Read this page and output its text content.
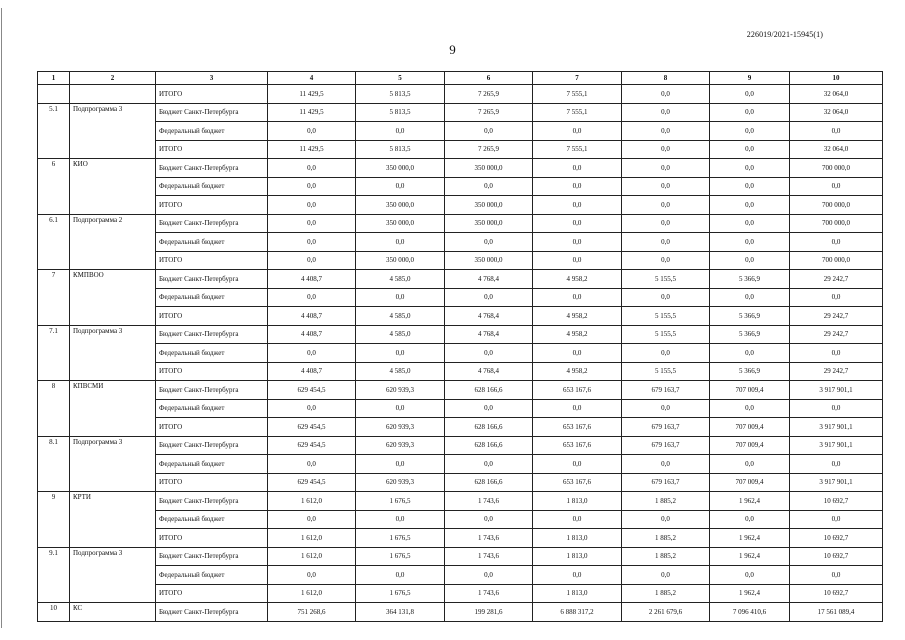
226019/2021-15945(1)
9
1	2	3	4	5	6	7	8	9	10
		ИТОГО	11 429,5	5 813,5	7 265,9	7 555,1	0,0	0,0	32 064,0
5.1	Подпрограмма 3	Бюджет Санкт-Петербурга	11 429,5	5 813,5	7 265,9	7 555,1	0,0	0,0	32 064,0
		Федеральный бюджет	0,0	0,0	0,0	0,0	0,0	0,0	0,0
		ИТОГО	11 429,5	5 813,5	7 265,9	7 555,1	0,0	0,0	32 064,0
6	КИО	Бюджет Санкт-Петербурга	0,0	350 000,0	350 000,0	0,0	0,0	0,0	700 000,0
		Федеральный бюджет	0,0	0,0	0,0	0,0	0,0	0,0	0,0
		ИТОГО	0,0	350 000,0	350 000,0	0,0	0,0	0,0	700 000,0
6.1	Подпрограмма 2	Бюджет Санкт-Петербурга	0,0	350 000,0	350 000,0	0,0	0,0	0,0	700 000,0
		Федеральный бюджет	0,0	0,0	0,0	0,0	0,0	0,0	0,0
		ИТОГО	0,0	350 000,0	350 000,0	0,0	0,0	0,0	700 000,0
7	КМПВОО	Бюджет Санкт-Петербурга	4 408,7	4 585,0	4 768,4	4 958,2	5 155,5	5 366,9	29 242,7
		Федеральный бюджет	0,0	0,0	0,0	0,0	0,0	0,0	0,0
		ИТОГО	4 408,7	4 585,0	4 768,4	4 958,2	5 155,5	5 366,9	29 242,7
7.1	Подпрограмма 3	Бюджет Санкт-Петербурга	4 408,7	4 585,0	4 768,4	4 958,2	5 155,5	5 366,9	29 242,7
		Федеральный бюджет	0,0	0,0	0,0	0,0	0,0	0,0	0,0
		ИТОГО	4 408,7	4 585,0	4 768,4	4 958,2	5 155,5	5 366,9	29 242,7
8	КПВСМИ	Бюджет Санкт-Петербурга	629 454,5	620 939,3	628 166,6	653 167,6	679 163,7	707 009,4	3 917 901,1
		Федеральный бюджет	0,0	0,0	0,0	0,0	0,0	0,0	0,0
		ИТОГО	629 454,5	620 939,3	628 166,6	653 167,6	679 163,7	707 009,4	3 917 901,1
8.1	Подпрограмма 3	Бюджет Санкт-Петербурга	629 454,5	620 939,3	628 166,6	653 167,6	679 163,7	707 009,4	3 917 901,1
		Федеральный бюджет	0,0	0,0	0,0	0,0	0,0	0,0	0,0
		ИТОГО	629 454,5	620 939,3	628 166,6	653 167,6	679 163,7	707 009,4	3 917 901,1
9	КРТИ	Бюджет Санкт-Петербурга	1 612,0	1 676,5	1 743,6	1 813,0	1 885,2	1 962,4	10 692,7
		Федеральный бюджет	0,0	0,0	0,0	0,0	0,0	0,0	0,0
		ИТОГО	1 612,0	1 676,5	1 743,6	1 813,0	1 885,2	1 962,4	10 692,7
9.1	Подпрограмма 3	Бюджет Санкт-Петербурга	1 612,0	1 676,5	1 743,6	1 813,0	1 885,2	1 962,4	10 692,7
		Федеральный бюджет	0,0	0,0	0,0	0,0	0,0	0,0	0,0
		ИТОГО	1 612,0	1 676,5	1 743,6	1 813,0	1 885,2	1 962,4	10 692,7
10	КС	Бюджет Санкт-Петербурга	751 268,6	364 131,8	199 281,6	6 888 317,2	2 261 679,6	7 096 410,6	17 561 089,4
